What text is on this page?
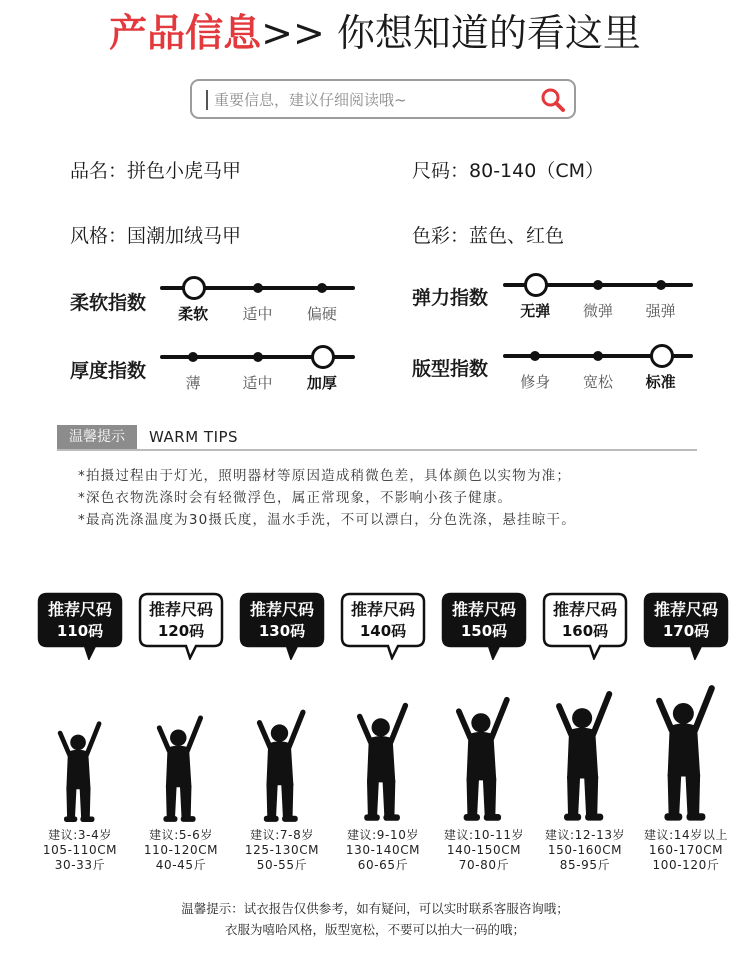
产品信息>> 你想知道的看这里
重要信息，建议仔细阅读哦~
品名：拼色小虎马甲	尺码：80-140（CM）
风格：国潮加绒马甲	色彩：蓝色、红色
柔软指数	柔软	适中	偏硬
弹力指数
无弹	微弹	强弹
厚度指数
薄	适中	加厚
版型指数
修身	宽松	标准
温馨提示	WARM TIPS
*拍摄过程由于灯光，照明器材等原因造成稍微色差，具体颜色以实物为准；
*深色衣物洗涤时会有轻微浮色，属正常现象，不影响小孩子健康。
*最高洗涤温度为30摄氏度，温水手洗，不可以漂白，分色洗涤，悬挂晾干。
推荐尺码
110码
建议:3-4岁
105-110CM
30-33斤
推荐尺码
120码
建议:5-6岁
110-120CM
40-45斤
推荐尺码
130码
建议:7-8岁
125-130CM
50-55斤
推荐尺码
140码
建议:9-10岁
130-140CM
60-65斤
推荐尺码
150码
建议:10-11岁
140-150CM
70-80斤
推荐尺码
160码
建议:12-13岁
150-160CM
85-95斤
推荐尺码
170码
建议:14岁以上
160-170CM
100-120斤
温馨提示：试衣报告仅供参考，如有疑问，可以实时联系客服咨询哦；
衣服为嘻哈风格，版型宽松，不要可以拍大一码的哦；
